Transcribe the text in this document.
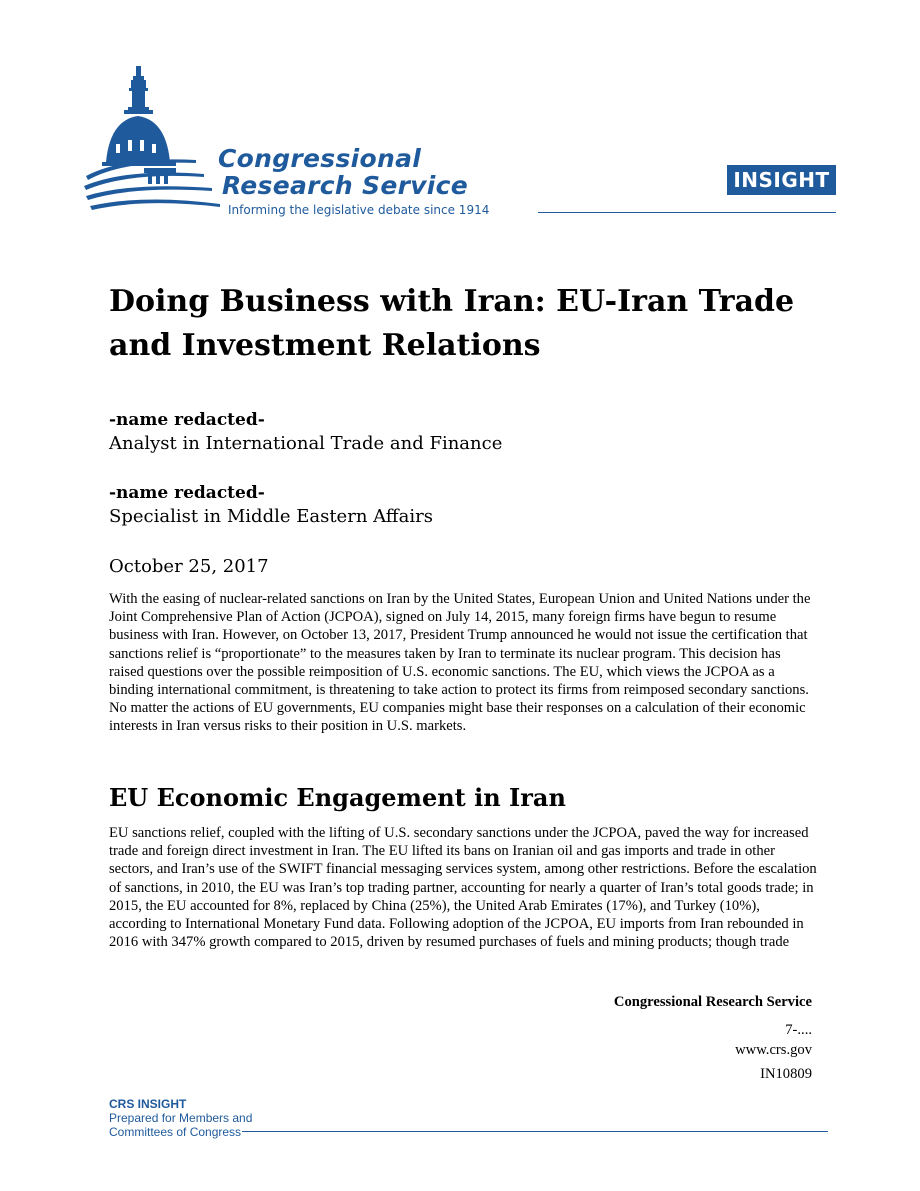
Congressional
Research Service
Informing the legislative debate since 1914
INSIGHT
Doing Business with Iran: EU-Iran Trade and Investment Relations
-name redacted-
Analyst in International Trade and Finance
-name redacted-
Specialist in Middle Eastern Affairs
October 25, 2017

With the easing of nuclear-related sanctions on Iran by the United States, European Union and United Nations under the Joint Comprehensive Plan of Action (JCPOA), signed on July 14, 2015, many foreign firms have begun to resume business with Iran. However, on October 13, 2017, President Trump announced he would not issue the certification that sanctions relief is “proportionate” to the measures taken by Iran to terminate its nuclear program. This decision has raised questions over the possible reimposition of U.S. economic sanctions. The EU, which views the JCPOA as a binding international commitment, is threatening to take action to protect its firms from reimposed secondary sanctions. No matter the actions of EU governments, EU companies might base their responses on a calculation of their economic interests in Iran versus risks to their position in U.S. markets.

EU Economic Engagement in Iran

EU sanctions relief, coupled with the lifting of U.S. secondary sanctions under the JCPOA, paved the way for increased trade and foreign direct investment in Iran. The EU lifted its bans on Iranian oil and gas imports and trade in other sectors, and Iran’s use of the SWIFT financial messaging services system, among other restrictions. Before the escalation of sanctions, in 2010, the EU was Iran’s top trading partner, accounting for nearly a quarter of Iran’s total goods trade; in 2015, the EU accounted for 8%, replaced by China (25%), the United Arab Emirates (17%), and Turkey (10%), according to International Monetary Fund data. Following adoption of the JCPOA, EU imports from Iran rebounded in 2016 with 347% growth compared to 2015, driven by resumed purchases of fuels and mining products; though trade

Congressional Research Service
7-....
www.crs.gov
IN10809
CRS INSIGHT
Prepared for Members and
Committees of Congress
